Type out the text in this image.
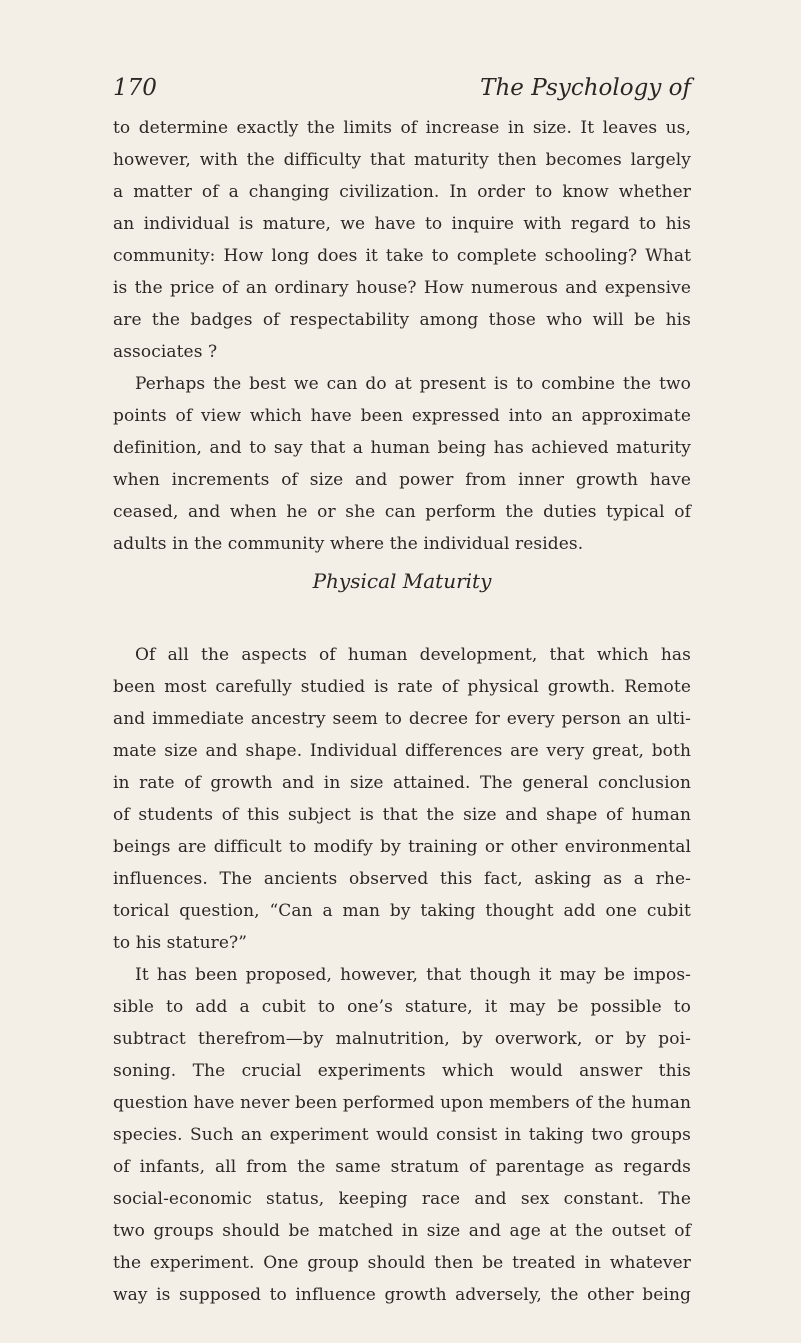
170	The Psychology of
to determine exactly the limits of increase in size. It leaves us,
however, with the difficulty that maturity then becomes largely
a matter of a changing civilization. In order to know whether
an individual is mature, we have to inquire with regard to his
community: How long does it take to complete schooling? What
is the price of an ordinary house? How numerous and expensive
are the badges of respectability among those who will be his
associates ?
Perhaps the best we can do at present is to combine the two
points of view which have been expressed into an approximate
definition, and to say that a human being has achieved maturity
when increments of size and power from inner growth have
ceased, and when he or she can perform the duties typical of
adults in the community where the individual resides.
Physical Maturity
Of all the aspects of human development, that which has
been most carefully studied is rate of physical growth. Remote
and immediate ancestry seem to decree for every person an ulti-
mate size and shape. Individual differences are very great, both
in rate of growth and in size attained. The general conclusion
of students of this subject is that the size and shape of human
beings are difficult to modify by training or other environmental
influences. The ancients observed this fact, asking as a rhe-
torical question, “Can a man by taking thought add one cubit
to his stature?”
It has been proposed, however, that though it may be impos-
sible to add a cubit to one’s stature, it may be possible to
subtract therefrom—by malnutrition, by overwork, or by poi-
soning. The crucial experiments which would answer this
question have never been performed upon members of the human
species. Such an experiment would consist in taking two groups
of infants, all from the same stratum of parentage as regards
social-economic status, keeping race and sex constant. The
two groups should be matched in size and age at the outset of
the experiment. One group should then be treated in whatever
way is supposed to influence growth adversely, the other being
